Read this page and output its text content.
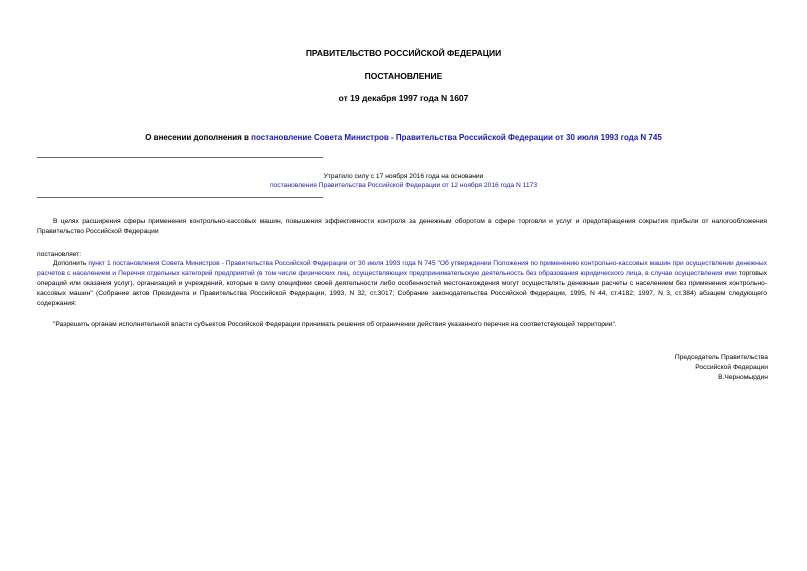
ПРАВИТЕЛЬСТВО РОССИЙСКОЙ ФЕДЕРАЦИИ
ПОСТАНОВЛЕНИЕ
от 19 декабря 1997 года N 1607
О внесении дополнения в постановление Совета Министров - Правительства Российской Федерации от 30 июля 1993 года N 745
Утратило силу с 17 ноября 2016 года на основании
постановления Правительства Российской Федерации от 12 ноября 2016 года N 1173
В целях расширения сферы применения контрольно-кассовых машин, повышения эффективности контроля за денежным оборотом в сфере торговли и услуг и предотвращения сокрытия прибыли от налогообложения Правительство Российской Федерации
постановляет:
Дополнить пункт 1 постановления Совета Министров - Правительства Российской Федерации от 30 июля 1993 года N 745 "Об утверждении Положения по применению контрольно-кассовых машин при осуществлении денежных расчетов с населением и Перечня отдельных категорий предприятий (в том числе физических лиц, осуществляющих предпринимательскую деятельность без образования юридического лица, в случае осуществления ими торговых операций или оказания услуг), организаций и учреждений, которые в силу специфики своей деятельности либо особенностей местонахождения могут осуществлять денежные расчеты с населением без применения контрольно-кассовых машин" (Собрание актов Президента и Правительства Российской Федерации, 1993, N 32, ст.3017; Собрание законодательства Российской Федерации, 1995, N 44, ст.4182; 1997, N 3, ст.384) абзацем следующего содержания:
"Разрешить органам исполнительной власти субъектов Российской Федерации принимать решения об ограничении действия указанного перечня на соответствующей территории".
Председатель Правительства
Российской Федерации
В.Черномырдин
